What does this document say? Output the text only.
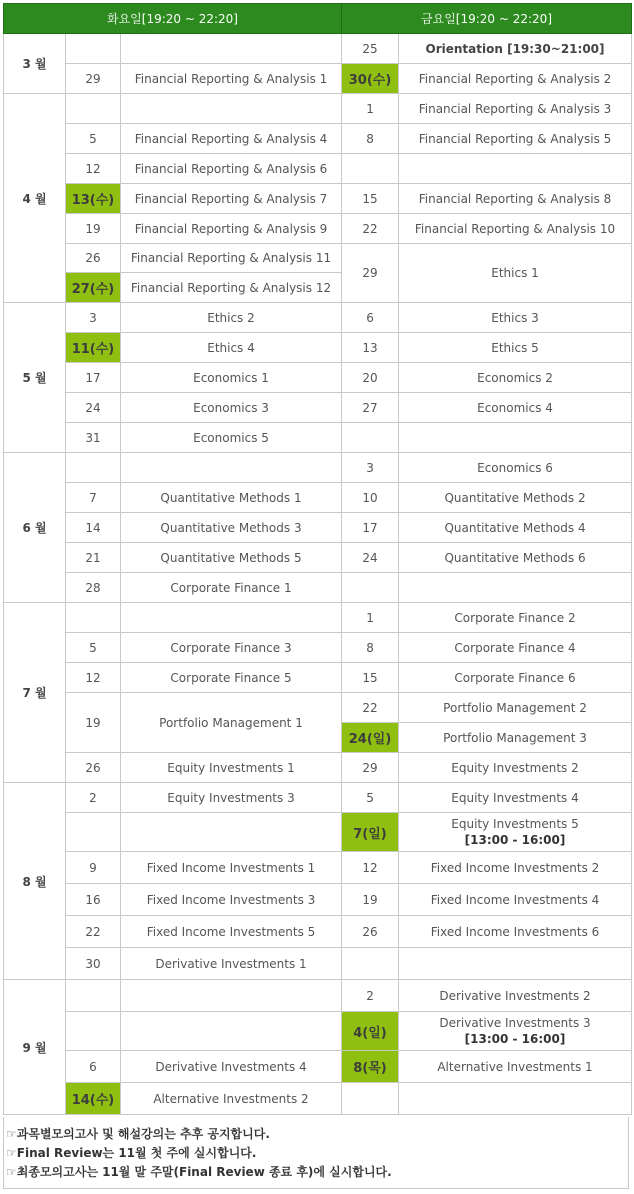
화요일[19:20 ~ 22:20]			금요일[19:20 ~ 22:20]	
3 월			25	Orientation [19:30~21:00]
	29	Financial Reporting & Analysis 1	30(수)	Financial Reporting & Analysis 2
4 월			1	Financial Reporting & Analysis 3
	5	Financial Reporting & Analysis 4	8	Financial Reporting & Analysis 5
	12	Financial Reporting & Analysis 6		
	13(수)	Financial Reporting & Analysis 7	15	Financial Reporting & Analysis 8
	19	Financial Reporting & Analysis 9	22	Financial Reporting & Analysis 10
	26	Financial Reporting & Analysis 11	29	Ethics 1
	27(수)	Financial Reporting & Analysis 12		
5 월	3	Ethics 2	6	Ethics 3
	11(수)	Ethics 4	13	Ethics 5
	17	Economics 1	20	Economics 2
	24	Economics 3	27	Economics 4
	31	Economics 5		
6 월			3	Economics 6
	7	Quantitative Methods 1	10	Quantitative Methods 2
	14	Quantitative Methods 3	17	Quantitative Methods 4
	21	Quantitative Methods 5	24	Quantitative Methods 6
	28	Corporate Finance 1		
7 월			1	Corporate Finance 2
	5	Corporate Finance 3	8	Corporate Finance 4
	12	Corporate Finance 5	15	Corporate Finance 6
	19	Portfolio Management 1	22	Portfolio Management 2
			24(일)	Portfolio Management 3
	26	Equity Investments 1	29	Equity Investments 2
8 월	2	Equity Investments 3	5	Equity Investments 4
			7(일)	Equity Investments 5
[13:00 - 16:00]

	9	Fixed Income Investments 1	12	Fixed Income Investments 2
	16	Fixed Income Investments 3	19	Fixed Income Investments 4
	22	Fixed Income Investments 5	26	Fixed Income Investments 6
	30	Derivative Investments 1		
9 월			2	Derivative Investments 2
			4(일)	Derivative Investments 3
[13:00 - 16:00]

	6	Derivative Investments 4	8(목)	Alternative Investments 1
	14(수)	Alternative Investments 2		
☞과목별모의고사 및 해설강의는 추후 공지합니다.
☞Final Review는 11월 첫 주에 실시합니다.
☞최종모의고사는 11월 말 주말(Final Review 종료 후)에 실시합니다.
